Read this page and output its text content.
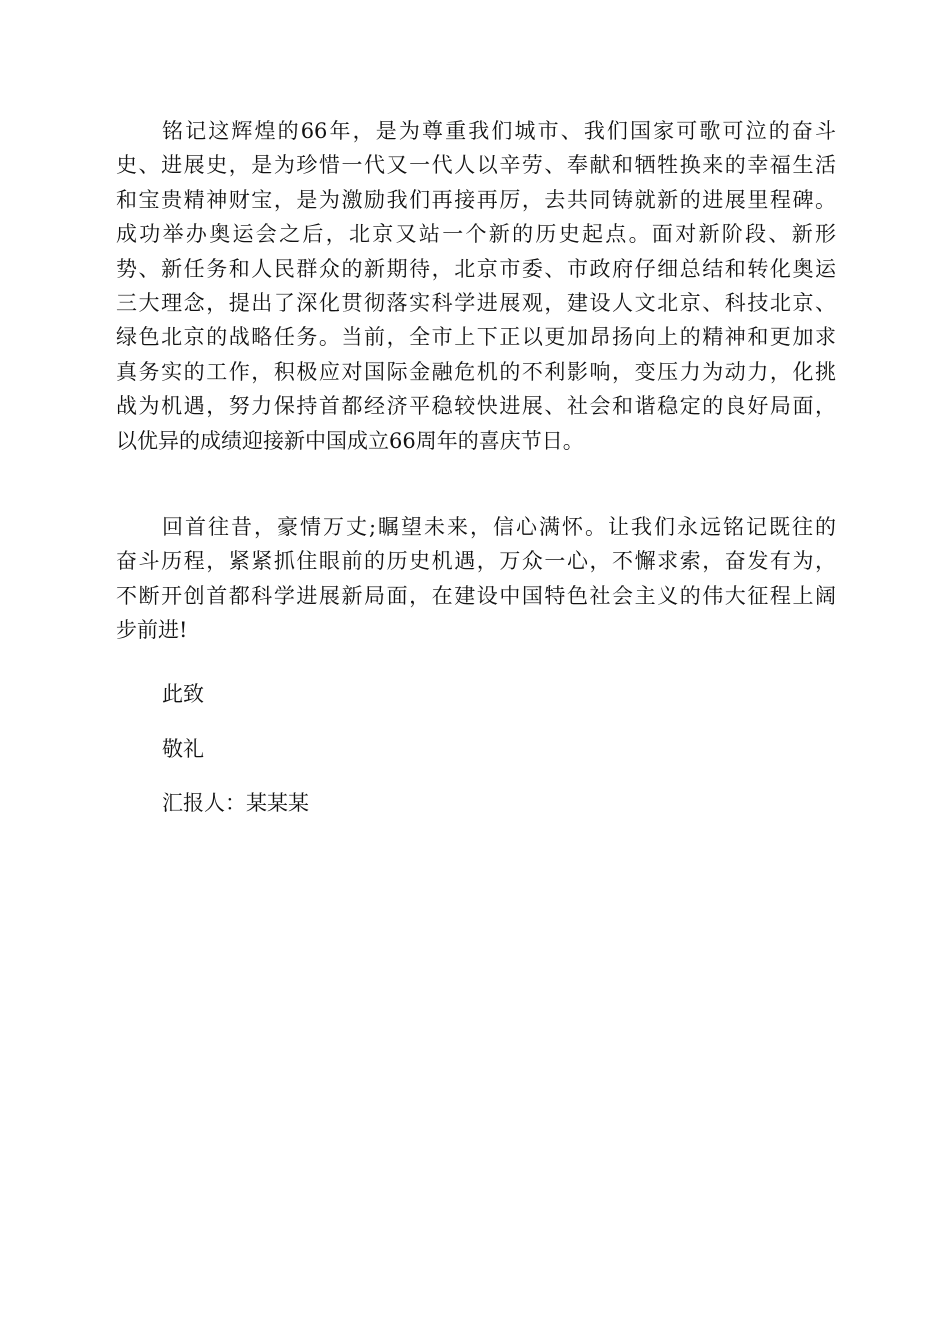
铭记这辉煌的66年，是为尊重我们城市、我们国家可歌可泣的奋斗
史、进展史，是为珍惜一代又一代人以辛劳、奉献和牺牲换来的幸福生活
和宝贵精神财宝，是为激励我们再接再厉，去共同铸就新的进展里程碑。
成功举办奥运会之后，北京又站一个新的历史起点。面对新阶段、新形
势、新任务和人民群众的新期待，北京市委、市政府仔细总结和转化奥运
三大理念，提出了深化贯彻落实科学进展观，建设人文北京、科技北京、
绿色北京的战略任务。当前，全市上下正以更加昂扬向上的精神和更加求
真务实的工作，积极应对国际金融危机的不利影响，变压力为动力，化挑
战为机遇，努力保持首都经济平稳较快进展、社会和谐稳定的良好局面，
以优异的成绩迎接新中国成立66周年的喜庆节日。
回首往昔，豪情万丈;瞩望未来，信心满怀。让我们永远铭记既往的
奋斗历程，紧紧抓住眼前的历史机遇，万众一心，不懈求索，奋发有为，
不断开创首都科学进展新局面，在建设中国特色社会主义的伟大征程上阔
步前进!

此致

敬礼

汇报人：某某某
